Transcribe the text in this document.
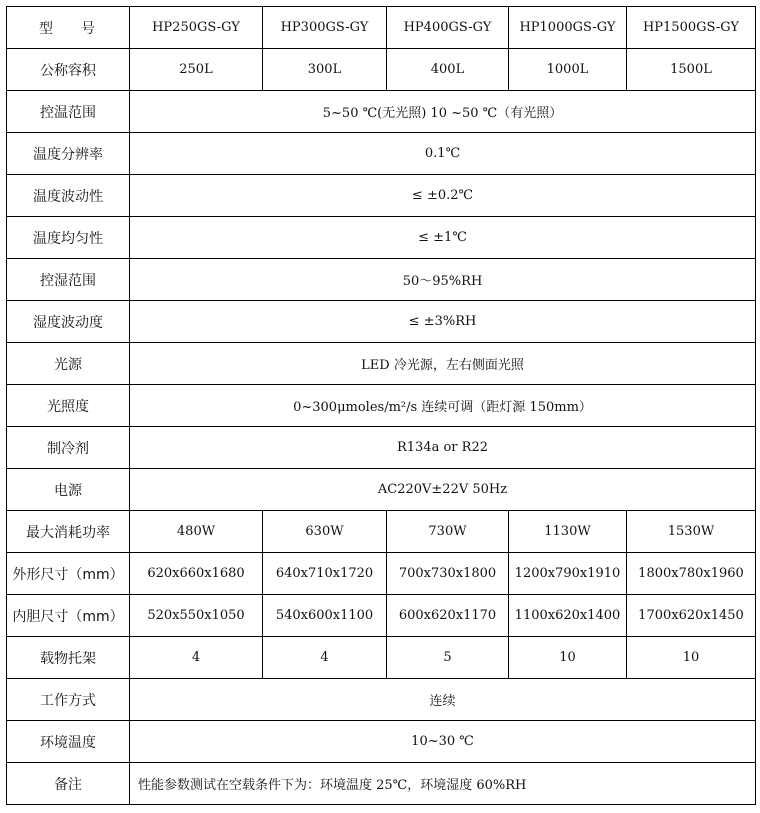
型号	HP250GS-GY	HP300GS-GY	HP400GS-GY	HP1000GS-GY	HP1500GS-GY
公称容积	250L	300L	400L	1000L	1500L
控温范围	5~50 ℃(无光照) 10 ~50 ℃（有光照）				
温度分辨率	0.1℃				
温度波动性	≤ ±0.2℃				
温度均匀性	≤ ±1℃				
控湿范围	50～95%RH				
湿度波动度	≤ ±3%RH				
光源	LED 冷光源，左右侧面光照				
光照度	0~300μmoles/m²/s 连续可调（距灯源 150mm）				
制冷剂	R134a or R22				
电源	AC220V±22V 50Hz				
最大消耗功率	480W	630W	730W	1130W	1530W
外形尺寸（mm）	620x660x1680	640x710x1720	700x730x1800	1200x790x1910	1800x780x1960
内胆尺寸（mm）	520x550x1050	540x600x1100	600x620x1170	1100x620x1400	1700x620x1450
载物托架	4	4	5	10	10
工作方式	连续				
环境温度	10~30 ℃				
备注	性能参数测试在空载条件下为：环境温度 25℃，环境湿度 60%RH				
